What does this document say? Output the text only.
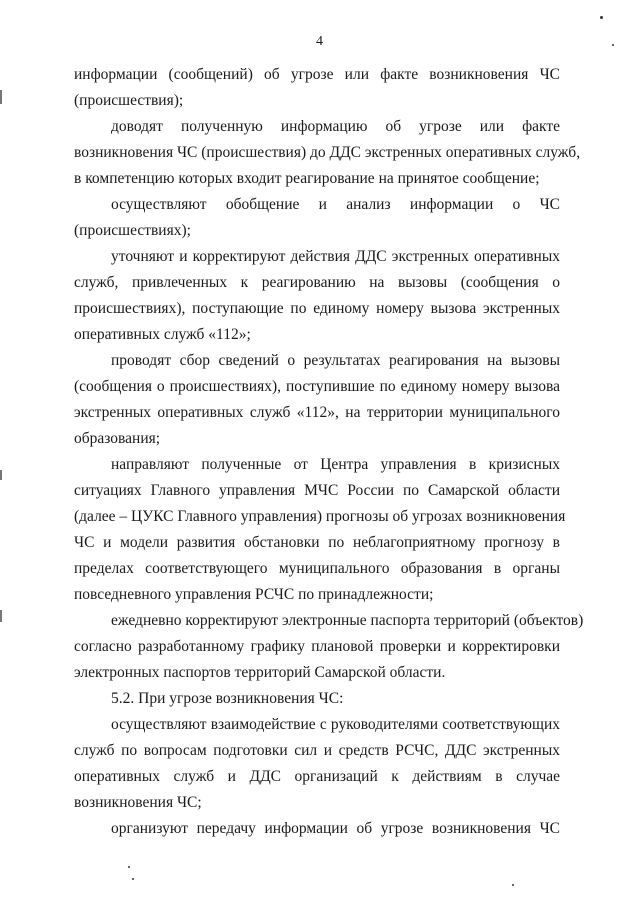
4
информации (сообщений) об угрозе или факте возникновения ЧС
(происшествия);
доводят полученную информацию об угрозе или факте
возникновения ЧС (происшествия) до ДДС экстренных оперативных служб,
в компетенцию которых входит реагирование на принятое сообщение;
осуществляют обобщение и анализ информации о ЧС
(происшествиях);
уточняют и корректируют действия ДДС экстренных оперативных
служб, привлеченных к реагированию на вызовы (сообщения о
происшествиях), поступающие по единому номеру вызова экстренных
оперативных служб «112»;
проводят сбор сведений о результатах реагирования на вызовы
(сообщения о происшествиях), поступившие по единому номеру вызова
экстренных оперативных служб «112», на территории муниципального
образования;
направляют полученные от Центра управления в кризисных
ситуациях Главного управления МЧС России по Самарской области
(далее – ЦУКС Главного управления) прогнозы об угрозах возникновения
ЧС и модели развития обстановки по неблагоприятному прогнозу в
пределах соответствующего муниципального образования в органы
повседневного управления РСЧС по принадлежности;
ежедневно корректируют электронные паспорта территорий (объектов)
согласно разработанному графику плановой проверки и корректировки
электронных паспортов территорий Самарской области.
5.2. При угрозе возникновения ЧС:
осуществляют взаимодействие с руководителями соответствующих
служб по вопросам подготовки сил и средств РСЧС, ДДС экстренных
оперативных служб и ДДС организаций к действиям в случае
возникновения ЧС;
организуют передачу информации об угрозе возникновения ЧС
